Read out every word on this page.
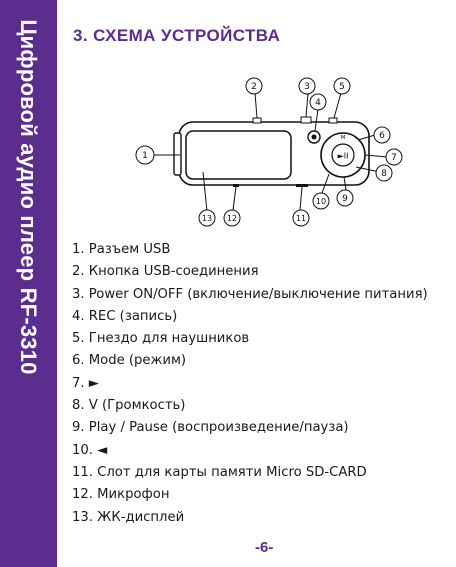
Цифровой аудио плеер RF-3310 3. СХЕМА УСТРОЙСТВА
►II
M
1
2	3
4
5
6
7
8
9
10
11
12
13
1. Разъем USB
2. Кнопка USB-соединения
3. Power ON/OFF (включение/выключение питания)
4. REC (запись)
5. Гнездо для наушников
6. Mode (режим)
7. ►
8. V (Громкость)
9. Play / Pause (воспроизведение/пауза)
10. ◄
11. Слот для карты памяти Micro SD-CARD
12. Микрофон
13. ЖК-дисплей
-6-
